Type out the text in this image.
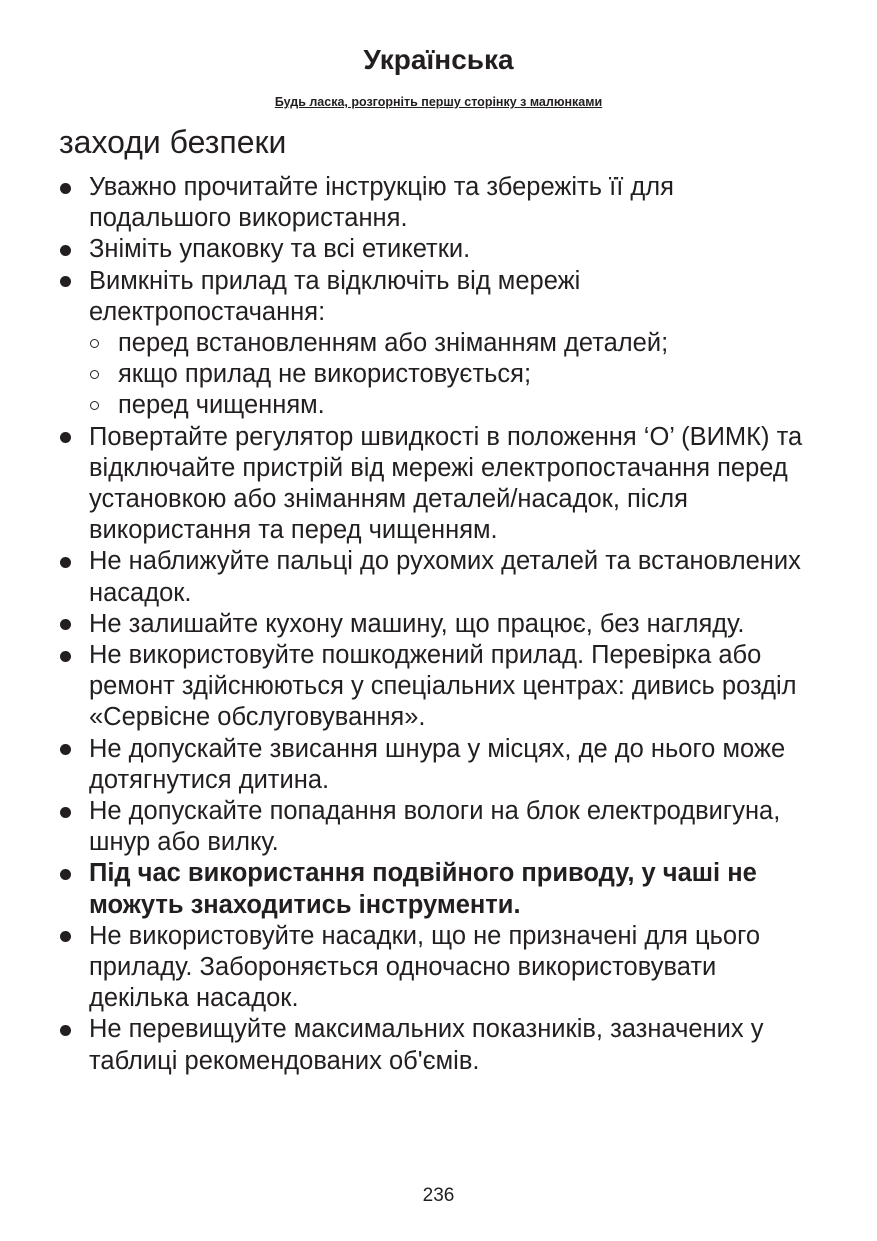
Українська
Будь ласка, розгорніть першу сторінку з малюнками
заходи безпеки
Уважно прочитайте інструкцію та збережіть її для подальшого використання.
Зніміть упаковку та всі етикетки.
Вимкніть прилад та відключіть від мережі електропостачання:
перед встановленням або зніманням деталей;
якщо прилад не використовується;
перед чищенням.
Повертайте регулятор швидкості в положення ‘O’ (ВИМК) та відключайте пристрій від мережі електропостачання перед установкою або зніманням деталей/насадок, після використання та перед чищенням.
Не наближуйте пальці до рухомих деталей та встановлених насадок.
Не залишайте кухону машину, що працює, без нагляду.
Не використовуйте пошкоджений прилад. Перевірка або ремонт здійснюються у спеціальних центрах: дивись розділ «Сервісне обслуговування».
Не допускайте звисання шнура у місцях, де до нього може дотягнутися дитина.
Не допускайте попадання вологи на блок електродвигуна, шнур або вилку.
Під час використання подвійного приводу, у чаші не можуть знаходитись інструменти.
Не використовуйте насадки, що не призначені для цього приладу. Забороняється одночасно використовувати декілька насадок.
Не перевищуйте максимальних показників, зазначених у таблиці рекомендованих об'ємів.
236
